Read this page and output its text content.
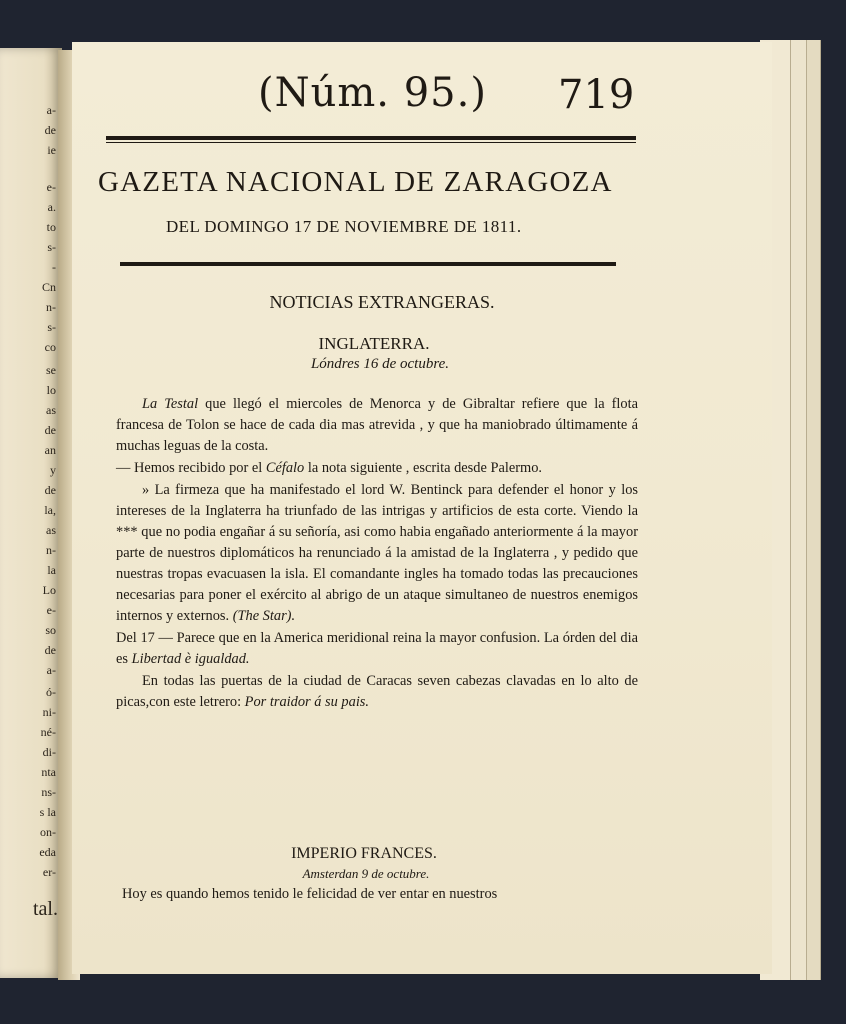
a-
de
ie
e-
a.
to
s-
-
Cn
n-
s-
co
se
lo
as
de
an
y
de
la,
as
n-
la
Lo
e-
so
de
a-
ó-
ni-
né-
di-
nta
ns-
s la
on-
eda
er-
tal.
(Núm. 95.) 719
GAZETA NACIONAL DE ZARAGOZA
DEL DOMINGO 17 DE NOVIEMBRE DE 1811.
NOTICIAS EXTRANGERAS.
INGLATERRA.
Lóndres 16 de octubre.

La Testal que llegó el miercoles de Menorca y de Gibraltar refiere que la flota francesa de Tolon se hace de cada dia mas atrevida , y que ha maniobrado últimamente á muchas leguas de la costa.

— Hemos recibido por el Céfalo la nota siguiente , escrita desde Palermo.

» La firmeza que ha manifestado el lord W. Bentinck para defender el honor y los intereses de la Inglaterra ha triunfado de las intrigas y artificios de esta corte. Viendo la *** que no podia engañar á su señoría, asi como habia engañado anteriormente á la mayor parte de nuestros diplomáticos ha renunciado á la amistad de la Inglaterra , y pedido que nuestras tropas evacuasen la isla. El comandante ingles ha tomado todas las precauciones necesarias para poner el exército al abrigo de un ataque simultaneo de nuestros enemigos internos y externos. (The Star).

Del 17 — Parece que en la America meridional reina la mayor confusion. La órden del dia es Libertad è igualdad.

En todas las puertas de la ciudad de Caracas seven cabezas clavadas en lo alto de picas,con este letrero: Por traidor á su pais.

IMPERIO FRANCES.
Amsterdan 9 de octubre.
Hoy es quando hemos tenido le felicidad de ver entar en nuestros
